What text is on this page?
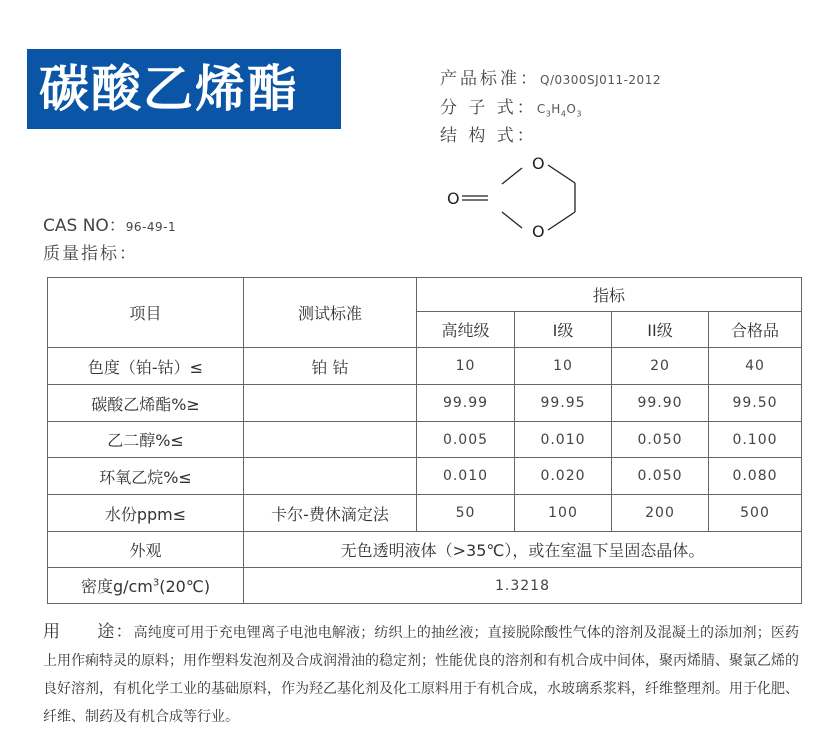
碳酸乙烯酯	产品标准：Q/0300SJ011-2012
分 子 式：$C_3H_4O_3$
结 构 式：
O
O
O
CAS NO：96-49-1
质量指标：
项目	测试标准	指标			
		高纯级	I级	II级	合格品
色度（铂-钴）≤	铂 钴	10	10	20	40
碳酸乙烯酯%≥		99.99	99.95	99.90	99.50
乙二醇%≤		0.005	0.010	0.050	0.100
环氧乙烷%≤		0.010	0.020	0.050	0.080
水份ppm≤	卡尔-费休滴定法	50	100	200	500
外观	无色透明液体（>35℃），或在室温下呈固态晶体。				
密度$g/cm^3(20℃)$	1.3218				
用 途：高纯度可用于充电锂离子电池电解液；纺织上的抽丝液；直接脱除酸性气体的溶剂及混凝土的添加剂；医药上用作痢特灵的原料；用作塑料发泡剂及合成润滑油的稳定剂；性能优良的溶剂和有机合成中间体，聚丙烯腈、聚氯乙烯的良好溶剂，有机化学工业的基础原料，作为羟乙基化剂及化工原料用于有机合成，水玻璃系浆料，纤维整理剂。用于化肥、纤维、制药及有机合成等行业。
